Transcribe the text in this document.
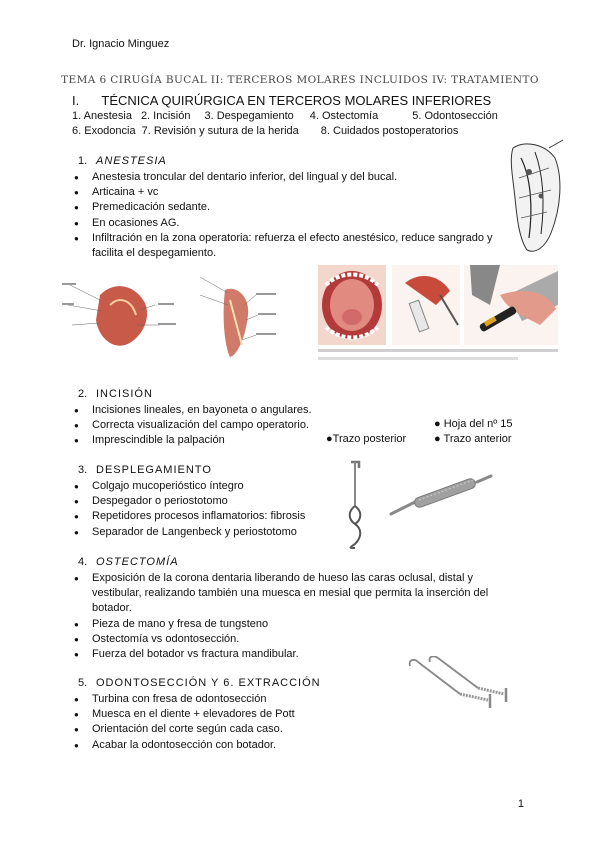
Dr. Ignacio Minguez
TEMA 6 CIRUGÍA BUCAL II: TERCEROS MOLARES INCLUIDOS IV: TRATAMIENTO
I. TÉCNICA QUIRÚRGICA EN TERCEROS MOLARES INFERIORES
1. Anestesia 2. Incisión 3. Despegamiento 4. Ostectomía	5. Odontosección
6. Exodoncia 7. Revisión y sutura de la herida 8. Cuidados postoperatorios
1. ANESTESIA
● Anestesia troncular del dentario inferior, del lingual y del bucal.
● Articaina + vc
● Premedicación sedante.
● En ocasiones AG.
● Infiltración en la zona operatoria: refuerza el efecto anestésico, reduce sangrado y facilita el despegamiento.
2. INCISIÓN
● Incisiones lineales, en bayoneta o angulares.
● Correcta visualización del campo operatorio.
● Imprescindible la palpación
● Hoja del nº 15
●Trazo posterior	● Trazo anterior
3. DESPLEGAMIENTO
● Colgajo mucoperióstico íntegro
● Despegador o periostotomo
● Repetidores procesos inflamatorios: fibrosis
● Separador de Langenbeck y periostotomo
4. OSTECTOMÍA
● Exposición de la corona dentaria liberando de hueso las caras oclusal, distal y vestibular, realizando también una muesca en mesial que permita la inserción del botador.
● Pieza de mano y fresa de tungsteno
● Ostectomía vs odontosección.
● Fuerza del botador vs fractura mandibular.
5. ODONTOSECCIÓN Y 6. EXTRACCIÓN
● Turbina con fresa de odontosección
● Muesca en el diente + elevadores de Pott
● Orientación del corte según cada caso.
● Acabar la odontosección con botador.
1
